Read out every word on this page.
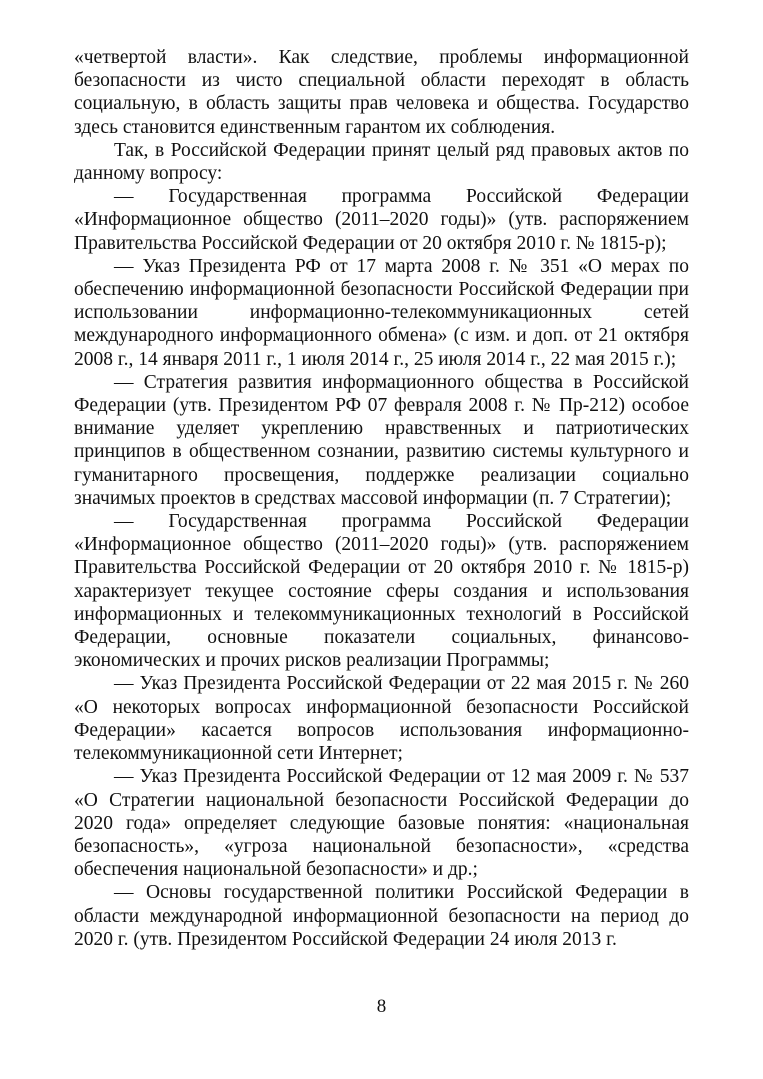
«четвертой власти». Как следствие, проблемы информационной безопасности из чисто специальной области переходят в область социальную, в область защиты прав человека и общества. Государство здесь становится единственным гарантом их соблюдения.

Так, в Российской Федерации принят целый ряд правовых актов по данному вопросу:

— Государственная программа Российской Федерации «Информационное общество (2011–2020 годы)» (утв. распоряжением Правительства Российской Федерации от 20 октября 2010 г. № 1815-р);

— Указ Президента РФ от 17 марта 2008 г. № 351 «О мерах по обеспечению информационной безопасности Российской Федерации при использовании информационно-телекоммуникационных сетей международного информационного обмена» (с изм. и доп. от 21 октября 2008 г., 14 января 2011 г., 1 июля 2014 г., 25 июля 2014 г., 22 мая 2015 г.);

— Стратегия развития информационного общества в Российской Федерации (утв. Президентом РФ 07 февраля 2008 г. № Пр-212) особое внимание уделяет укреплению нравственных и патриотических принципов в общественном сознании, развитию системы культурного и гуманитарного просвещения, поддержке реализации социально значимых проектов в средствах массовой информации (п. 7 Стратегии);

— Государственная программа Российской Федерации «Информационное общество (2011–2020 годы)» (утв. распоряжением Правительства Российской Федерации от 20 октября 2010 г. № 1815-р) характеризует текущее состояние сферы создания и использования информационных и телекоммуникационных технологий в Российской Федерации, основные показатели социальных, финансово-экономических и прочих рисков реализации Программы;

— Указ Президента Российской Федерации от 22 мая 2015 г. № 260 «О некоторых вопросах информационной безопасности Российской Федерации» касается вопросов использования информационно-телекоммуникационной сети Интернет;

— Указ Президента Российской Федерации от 12 мая 2009 г. № 537 «О Стратегии национальной безопасности Российской Федерации до 2020 года» определяет следующие базовые понятия: «национальная безопасность», «угроза национальной безопасности», «средства обеспечения национальной безопасности» и др.;

— Основы государственной политики Российской Федерации в области международной информационной безопасности на период до 2020 г. (утв. Президентом Российской Федерации 24 июля 2013 г.

8
